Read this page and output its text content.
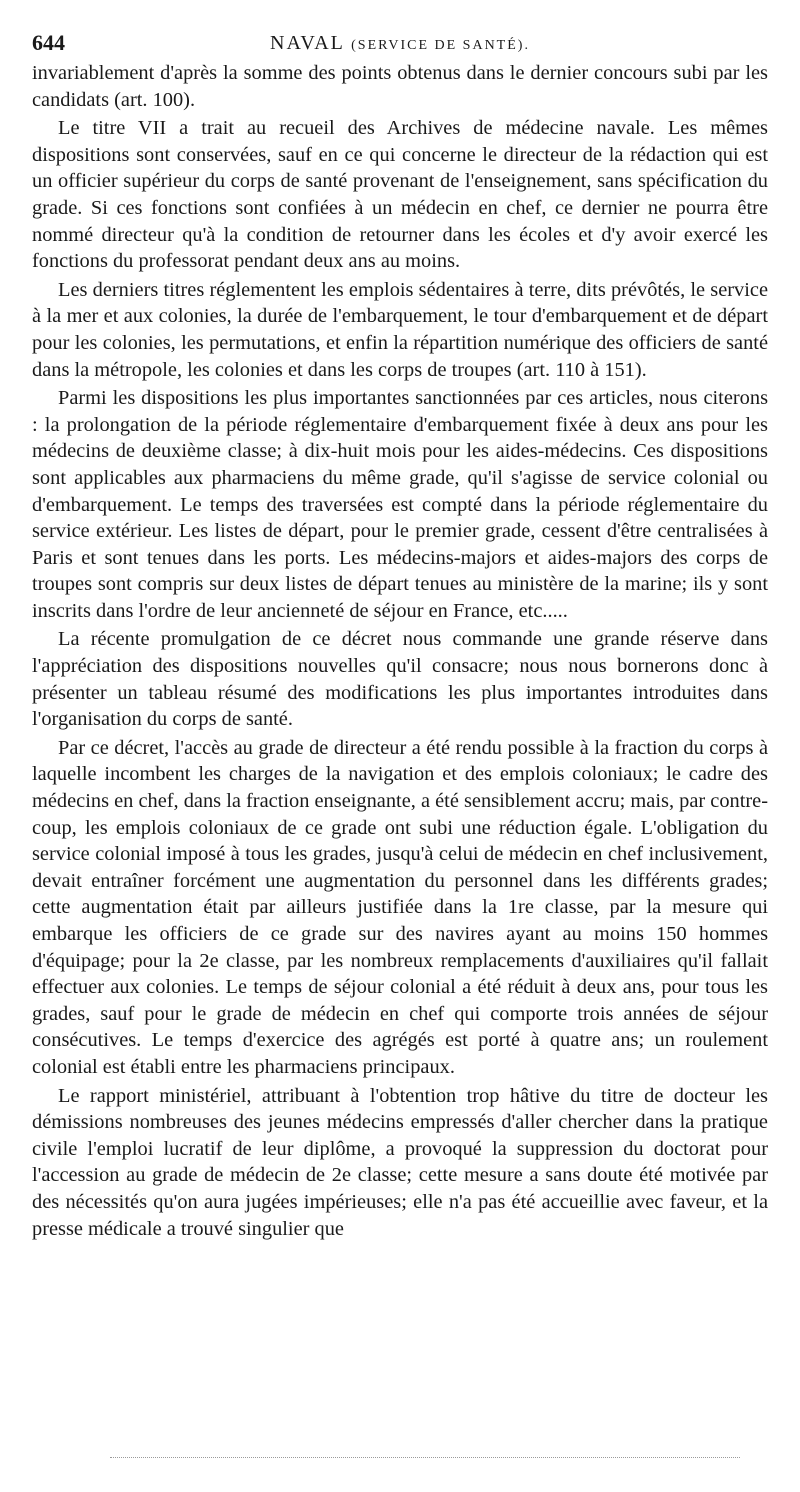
644	NAVAL (SERVICE DE SANTÉ).

invariablement d'après la somme des points obtenus dans le dernier concours subi par les candidats (art. 100).

Le titre VII a trait au recueil des Archives de médecine navale. Les mêmes dispositions sont conservées, sauf en ce qui concerne le directeur de la rédaction qui est un officier supérieur du corps de santé provenant de l'enseignement, sans spécification du grade. Si ces fonctions sont confiées à un médecin en chef, ce dernier ne pourra être nommé directeur qu'à la condition de retourner dans les écoles et d'y avoir exercé les fonctions du professorat pendant deux ans au moins.

Les derniers titres réglementent les emplois sédentaires à terre, dits prévôtés, le service à la mer et aux colonies, la durée de l'embarquement, le tour d'embarquement et de départ pour les colonies, les permutations, et enfin la répartition numérique des officiers de santé dans la métropole, les colonies et dans les corps de troupes (art. 110 à 151).

Parmi les dispositions les plus importantes sanctionnées par ces articles, nous citerons : la prolongation de la période réglementaire d'embarquement fixée à deux ans pour les médecins de deuxième classe; à dix-huit mois pour les aides-médecins. Ces dispositions sont applicables aux pharmaciens du même grade, qu'il s'agisse de service colonial ou d'embarquement. Le temps des traversées est compté dans la période réglementaire du service extérieur. Les listes de départ, pour le premier grade, cessent d'être centralisées à Paris et sont tenues dans les ports. Les médecins-majors et aides-majors des corps de troupes sont compris sur deux listes de départ tenues au ministère de la marine; ils y sont inscrits dans l'ordre de leur ancienneté de séjour en France, etc.....

La récente promulgation de ce décret nous commande une grande réserve dans l'appréciation des dispositions nouvelles qu'il consacre; nous nous bornerons donc à présenter un tableau résumé des modifications les plus importantes introduites dans l'organisation du corps de santé.

Par ce décret, l'accès au grade de directeur a été rendu possible à la fraction du corps à laquelle incombent les charges de la navigation et des emplois coloniaux; le cadre des médecins en chef, dans la fraction enseignante, a été sensiblement accru; mais, par contre-coup, les emplois coloniaux de ce grade ont subi une réduction égale. L'obligation du service colonial imposé à tous les grades, jusqu'à celui de médecin en chef inclusivement, devait entraîner forcément une augmentation du personnel dans les différents grades; cette augmentation était par ailleurs justifiée dans la 1re classe, par la mesure qui embarque les officiers de ce grade sur des navires ayant au moins 150 hommes d'équipage; pour la 2e classe, par les nombreux remplacements d'auxiliaires qu'il fallait effectuer aux colonies. Le temps de séjour colonial a été réduit à deux ans, pour tous les grades, sauf pour le grade de médecin en chef qui comporte trois années de séjour consécutives. Le temps d'exercice des agrégés est porté à quatre ans; un roulement colonial est établi entre les pharmaciens principaux.

Le rapport ministériel, attribuant à l'obtention trop hâtive du titre de docteur les démissions nombreuses des jeunes médecins empressés d'aller chercher dans la pratique civile l'emploi lucratif de leur diplôme, a provoqué la suppression du doctorat pour l'accession au grade de médecin de 2e classe; cette mesure a sans doute été motivée par des nécessités qu'on aura jugées impérieuses; elle n'a pas été accueillie avec faveur, et la presse médicale a trouvé singulier que
